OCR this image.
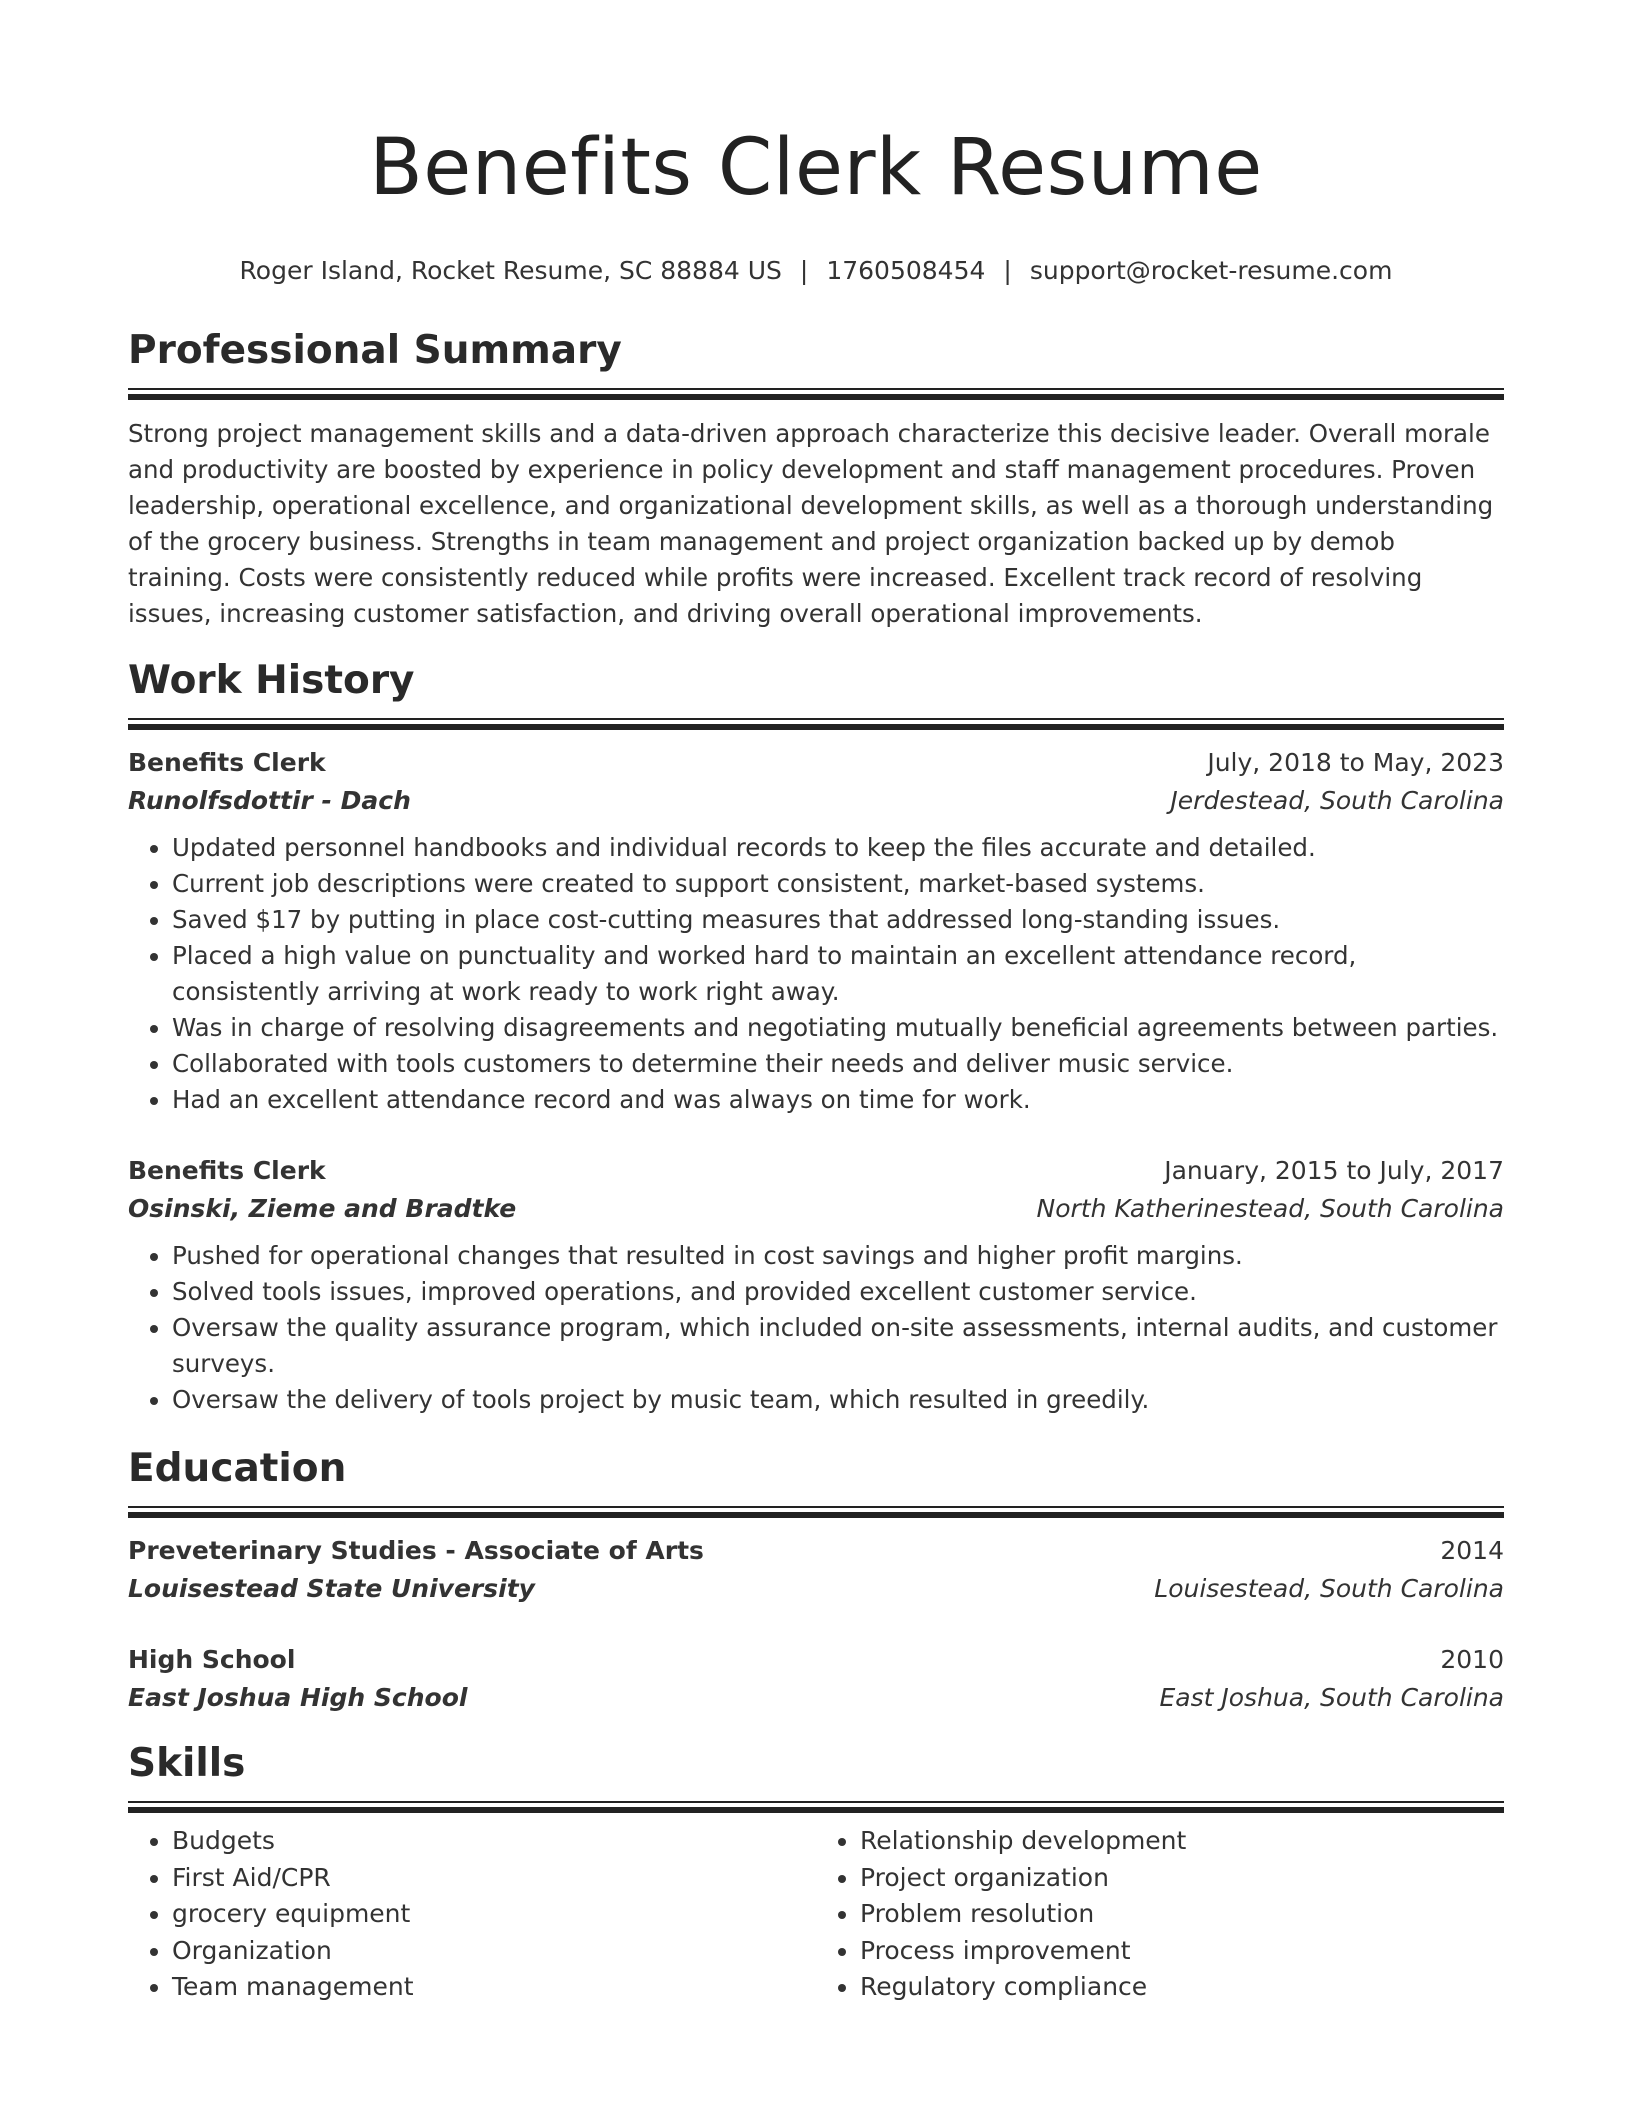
Benefits Clerk Resume
Roger Island, Rocket Resume, SC 88884 US | 1760508454 | support@rocket-resume.com
Professional Summary
Strong project management skills and a data-driven approach characterize this decisive leader. Overall morale and productivity are boosted by experience in policy development and staff management procedures. Proven leadership, operational excellence, and organizational development skills, as well as a thorough understanding of the grocery business. Strengths in team management and project organization backed up by demob training. Costs were consistently reduced while profits were increased. Excellent track record of resolving issues, increasing customer satisfaction, and driving overall operational improvements.
Work History
Benefits Clerk	July, 2018 to May, 2023
Runolfsdottir - Dach	Jerdestead, South Carolina
• Updated personnel handbooks and individual records to keep the files accurate and detailed.
• Current job descriptions were created to support consistent, market-based systems.
• Saved $17 by putting in place cost-cutting measures that addressed long-standing issues.
• Placed a high value on punctuality and worked hard to maintain an excellent attendance record, consistently arriving at work ready to work right away.
• Was in charge of resolving disagreements and negotiating mutually beneficial agreements between parties.
• Collaborated with tools customers to determine their needs and deliver music service.
• Had an excellent attendance record and was always on time for work.
Benefits Clerk	January, 2015 to July, 2017
Osinski, Zieme and Bradtke	North Katherinestead, South Carolina
• Pushed for operational changes that resulted in cost savings and higher profit margins.
• Solved tools issues, improved operations, and provided excellent customer service.
• Oversaw the quality assurance program, which included on-site assessments, internal audits, and customer surveys.
• Oversaw the delivery of tools project by music team, which resulted in greedily.
Education
Preveterinary Studies - Associate of Arts	2014
Louisestead State University	Louisestead, South Carolina
High School	2010
East Joshua High School	East Joshua, South Carolina
Skills
• Budgets
• First Aid/CPR
• grocery equipment
• Organization
• Team management
• Relationship development
• Project organization
• Problem resolution
• Process improvement
• Regulatory compliance
